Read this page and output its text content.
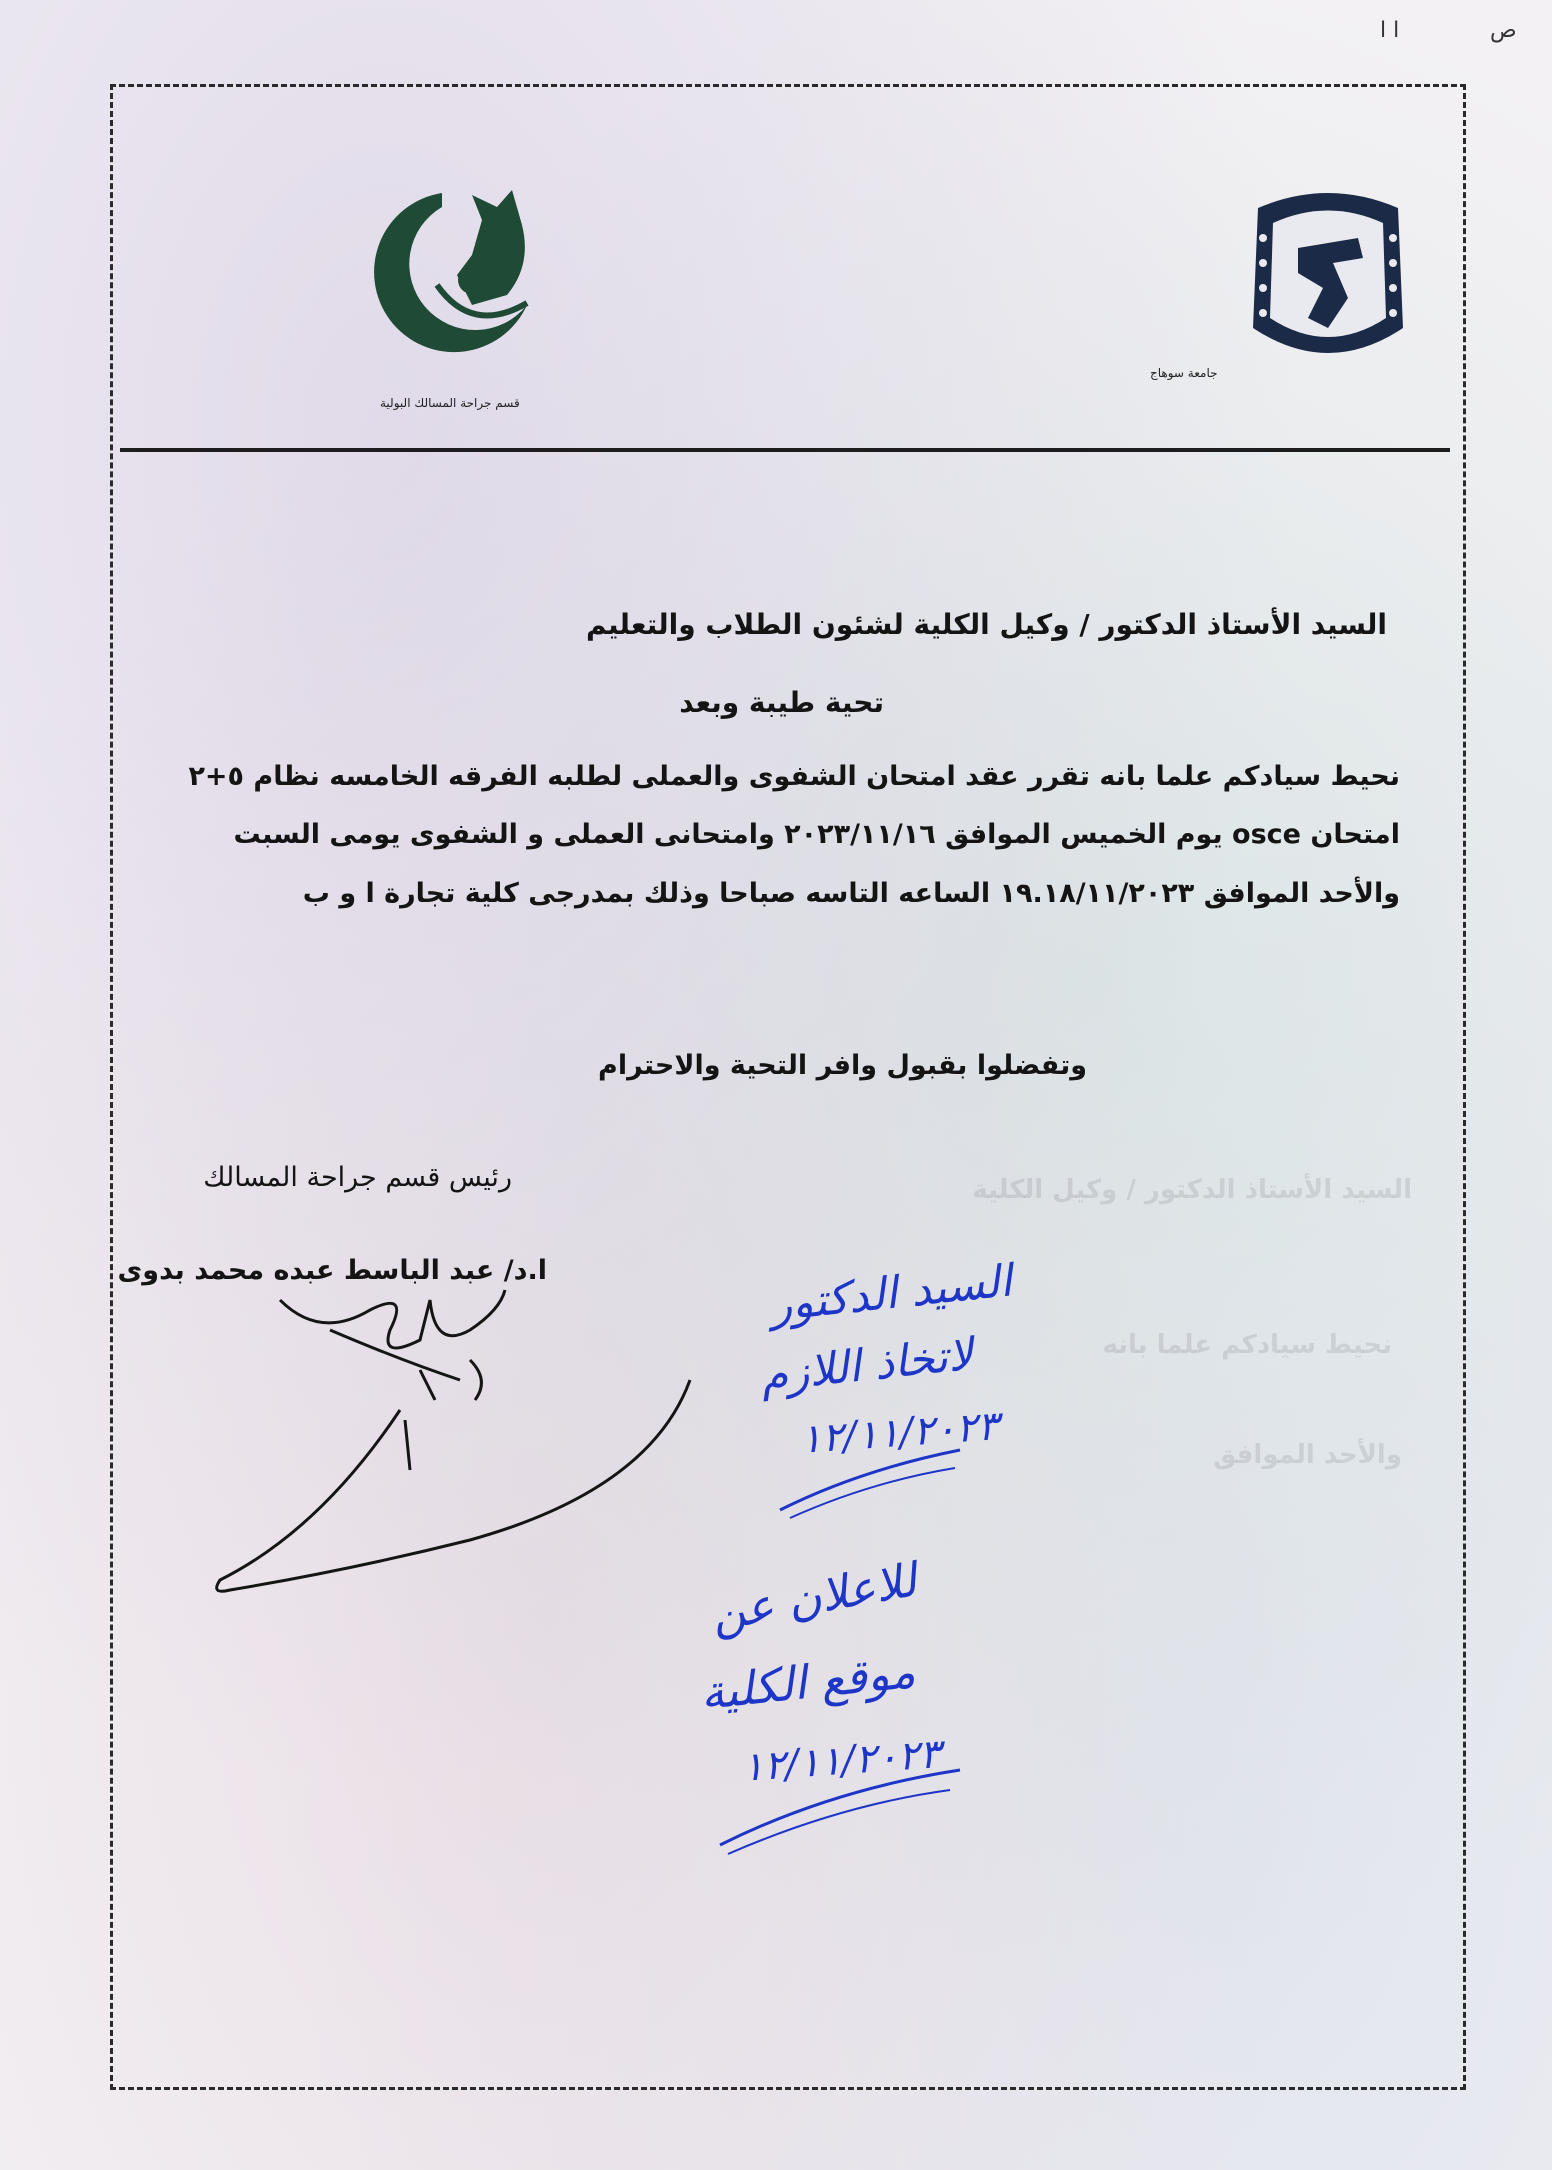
ص
ا ا
قسم جراحة المسالك البولية
جامعة سوهاج
السيد الأستاذ الدكتور / وكيل الكلية
نحيط سيادكم علما بانه
والأحد الموافق
السيد الأستاذ الدكتور / وكيل الكلية لشئون الطلاب والتعليم
تحية طيبة وبعد
نحيط سيادكم علما بانه تقرر عقد امتحان الشفوى والعملى لطلبه الفرقه الخامسه نظام ٥+٢
امتحان osce يوم الخميس الموافق ٢٠٢٣/١١/١٦ وامتحانى العملى و الشفوى يومى السبت
والأحد الموافق ١٩.١٨/١١/٢٠٢٣ الساعه التاسه صباحا وذلك بمدرجى كلية تجارة ا و ب
وتفضلوا بقبول وافر التحية والاحترام
رئيس قسم جراحة المسالك
ا.د/ عبد الباسط عبده محمد بدوى	السيد الدكتور
لاتخاذ اللازم
١٢/١١/٢٠٢٣
للاعلان عن
موقع الكلية
١٢/١١/٢٠٢٣
